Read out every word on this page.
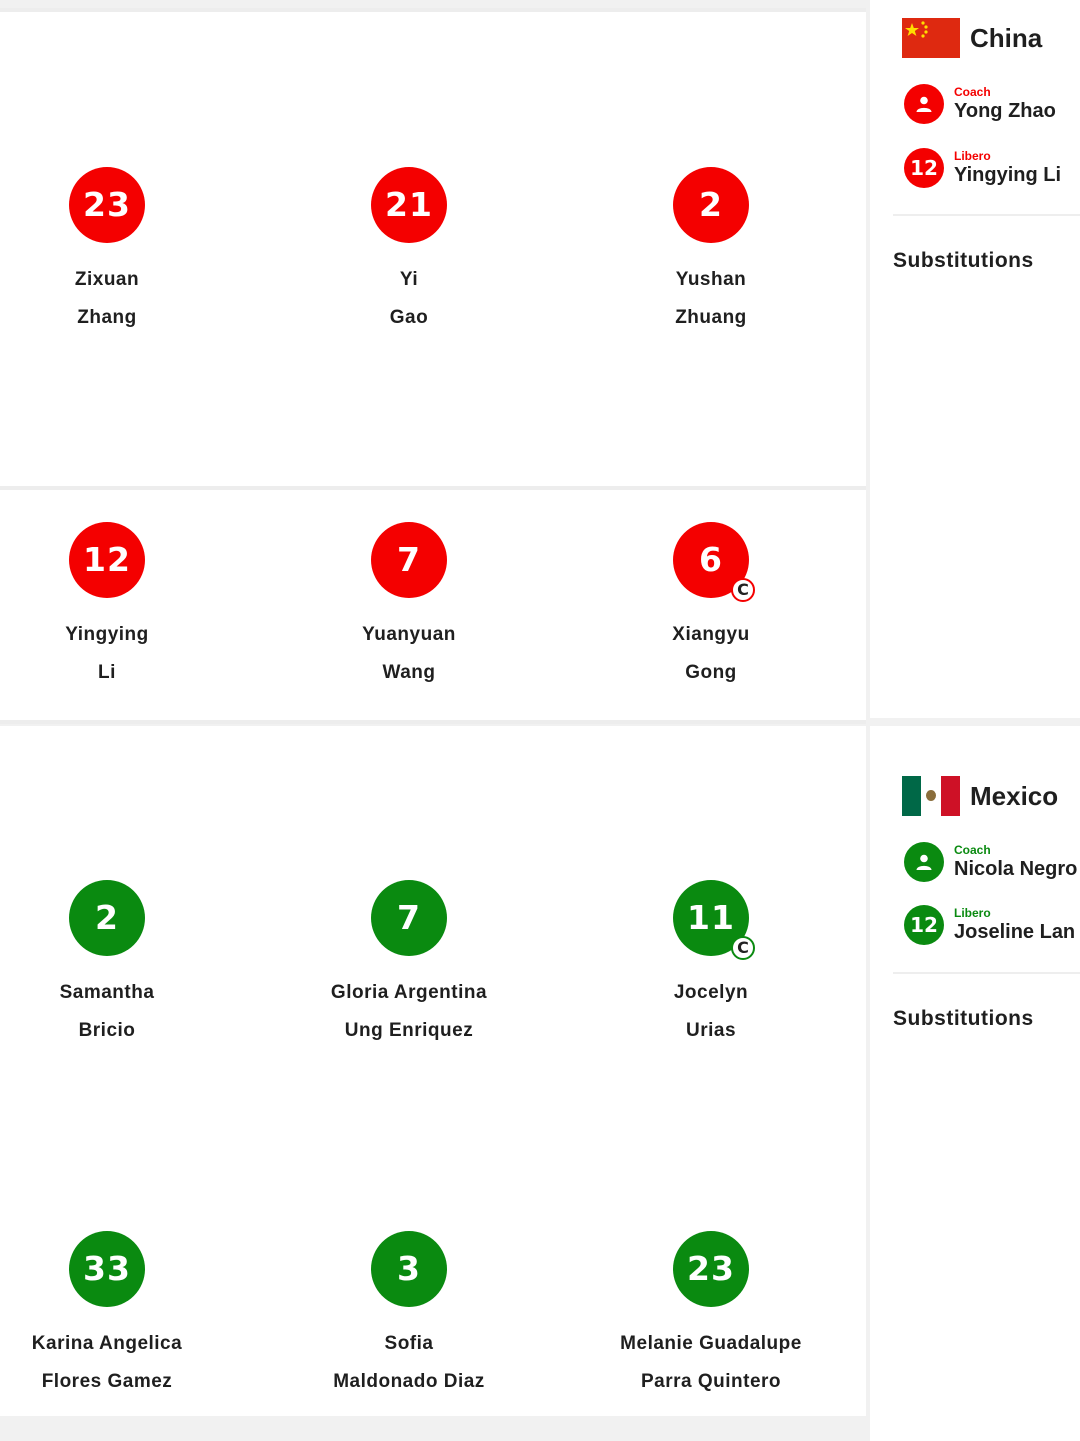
23
Zixuan
Zhang
21
Yi
Gao
2
Yushan
Zhuang
12
Yingying
Li
7
Yuanyuan
Wang
6
C
Xiangyu
Gong
2
Samantha
Bricio
7
Gloria Argentina
Ung Enriquez
11
C
Jocelyn
Urias
33
Karina Angelica
Flores Gamez
3
Sofia
Maldonado Diaz
23
Melanie Guadalupe
Parra Quintero
China
Coach
Yong Zhao
12	Libero
Yingying Li
Substitutions
Mexico
Coach
Nicola Negro
12	Libero
Joseline Lan
Substitutions
